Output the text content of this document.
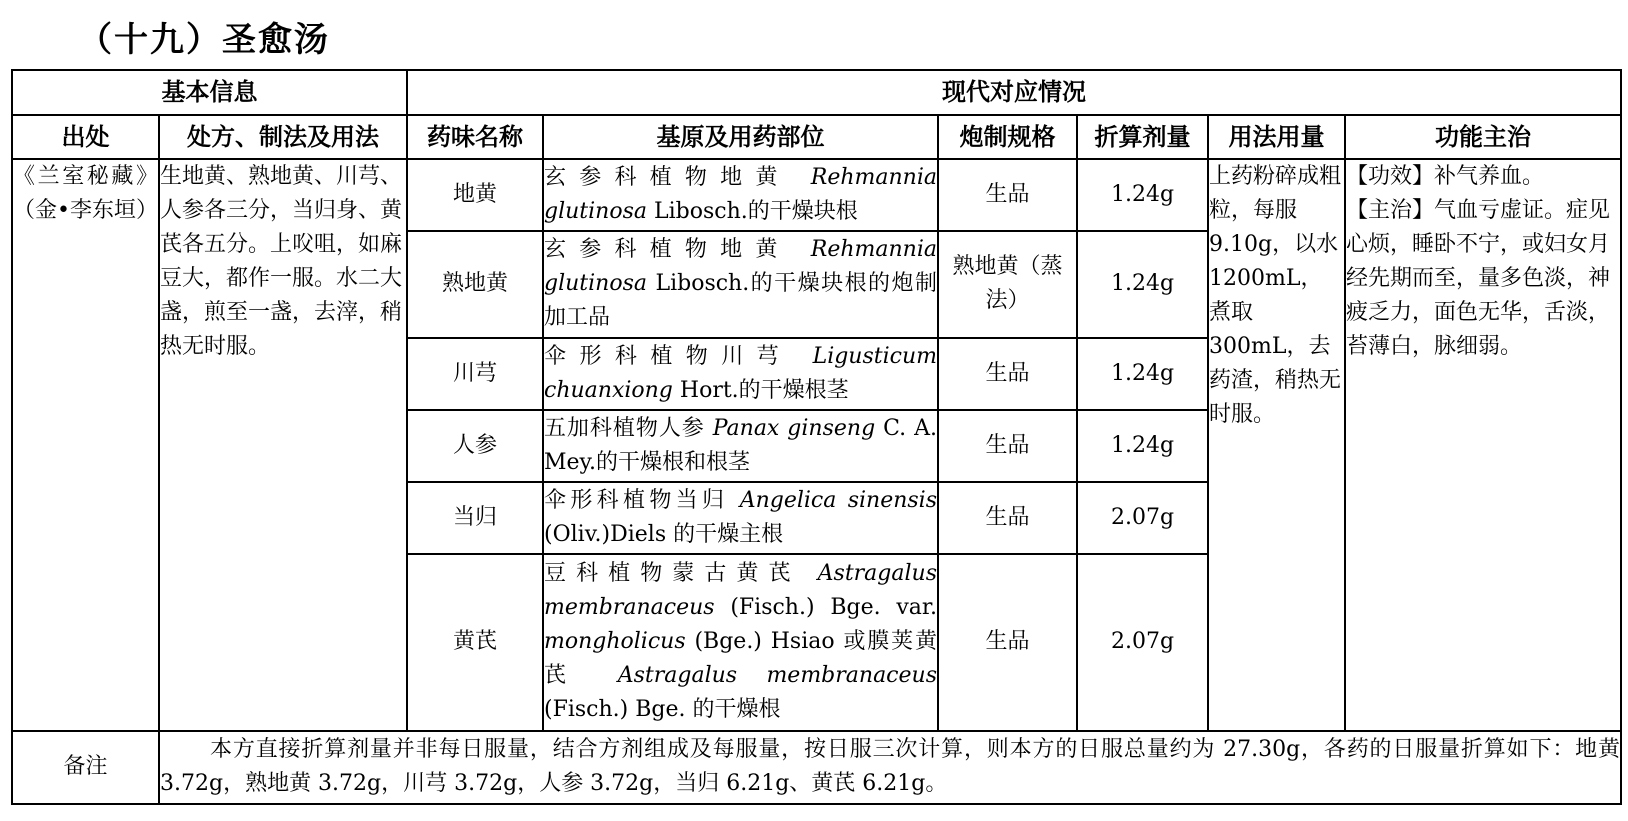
（十九）圣愈汤
基本信息		现代对应情况					
出处	处方、制法及用法	药味名称	基原及用药部位	炮制规格	折算剂量	用法用量	功能主治
《兰室秘藏》（金•李东垣）	生地黄、熟地黄、川芎、人参各三分，当归身、黄芪各五分。上㕮咀，如麻豆大，都作一服。水二大盏，煎至一盏，去滓，稍热无时服。	地黄	玄参科植物地黄 Rehmannia glutinosa Libosch.的干燥块根	生品	1.24g	上药粉碎成粗粒，每服9.10g，以水1200mL，煮取300mL，去药渣，稍热无时服。	【功效】补气养血。
【主治】气血亏虚证。症见心烦，睡卧不宁，或妇女月经先期而至，量多色淡，神疲乏力，面色无华，舌淡，苔薄白，脉细弱。
		熟地黄	玄参科植物地黄 Rehmannia glutinosa Libosch.的干燥块根的炮制加工品	熟地黄（蒸法）	1.24g		
		川芎	伞形科植物川芎 Ligusticum chuanxiong Hort.的干燥根茎	生品	1.24g		
		人参	五加科植物人参 Panax ginseng C. A. Mey.的干燥根和根茎	生品	1.24g		
		当归	伞形科植物当归 Angelica sinensis (Oliv.)Diels 的干燥主根	生品	2.07g		
		黄芪	豆科植物蒙古黄芪 Astragalus membranaceus (Fisch.) Bge. var. mongholicus (Bge.) Hsiao 或膜荚黄芪 Astragalus membranaceus (Fisch.) Bge. 的干燥根	生品	2.07g		
备注	本方直接折算剂量并非每日服量，结合方剂组成及每服量，按日服三次计算，则本方的日服总量约为 27.30g，各药的日服量折算如下：地黄 3.72g，熟地黄 3.72g，川芎 3.72g，人参 3.72g，当归 6.21g、黄芪 6.21g。						
